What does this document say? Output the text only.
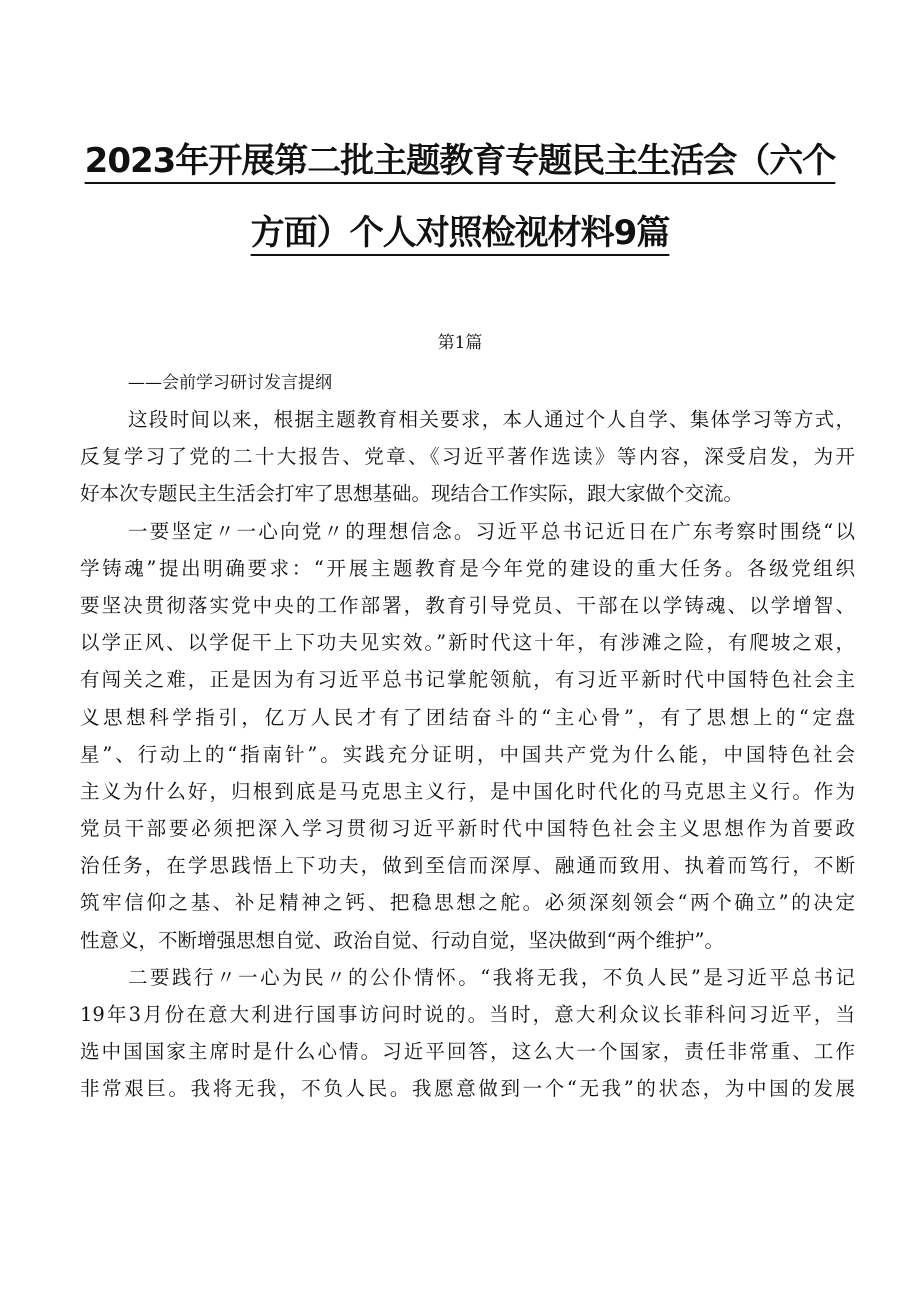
2023年开展第二批主题教育专题民主生活会（六个
方面）个人对照检视材料9篇
第1篇
——会前学习研讨发言提纲
这段时间以来，根据主题教育相关要求，本人通过个人自学、集体学习等方式，
反复学习了党的二十大报告、党章、《习近平著作选读》等内容，深受启发，为开
好本次专题民主生活会打牢了思想基础。现结合工作实际，跟大家做个交流。
一要坚定〃一心向党〃的理想信念。习近平总书记近日在广东考察时围绕“以
学铸魂”提出明确要求：“开展主题教育是今年党的建设的重大任务。各级党组织
要坚决贯彻落实党中央的工作部署，教育引导党员、干部在以学铸魂、以学增智、
以学正风、以学促干上下功夫见实效。”新时代这十年，有涉滩之险，有爬坡之艰，
有闯关之难，正是因为有习近平总书记掌舵领航，有习近平新时代中国特色社会主
义思想科学指引，亿万人民才有了团结奋斗的“主心骨”，有了思想上的“定盘
星”、行动上的“指南针”。实践充分证明，中国共产党为什么能，中国特色社会
主义为什么好，归根到底是马克思主义行，是中国化时代化的马克思主义行。作为
党员干部要必须把深入学习贯彻习近平新时代中国特色社会主义思想作为首要政
治任务，在学思践悟上下功夫，做到至信而深厚、融通而致用、执着而笃行，不断
筑牢信仰之基、补足精神之钙、把稳思想之舵。必须深刻领会“两个确立”的决定
性意义，不断增强思想自觉、政治自觉、行动自觉，坚决做到“两个维护”。
二要践行〃一心为民〃的公仆情怀。“我将无我，不负人民”是习近平总书记
19年3月份在意大利进行国事访问时说的。当时，意大利众议长菲科问习近平，当
选中国国家主席时是什么心情。习近平回答，这么大一个国家，责任非常重、工作
非常艰巨。我将无我，不负人民。我愿意做到一个“无我”的状态，为中国的发展
